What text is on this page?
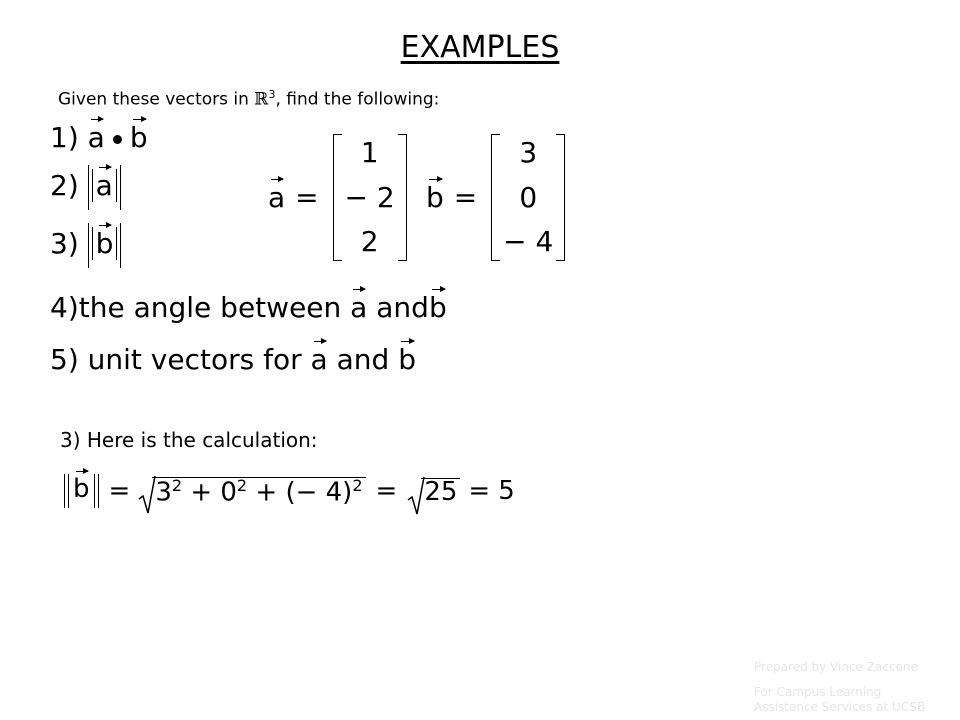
EXAMPLES
Given these vectors in ℝ$^3$, find the following:
1) a b
2) a
3) b
a =
1
− 2
2
b =
3
0
− 4
4)the angle between a andb
5) unit vectors for a and b
3) Here is the calculation:
$b = 3^2 + 0^2$ + (− 4)$^2$ =	25 = 5
Prepared by Vince Zaccone
For Campus Learning
Assistance Services at UCSB
